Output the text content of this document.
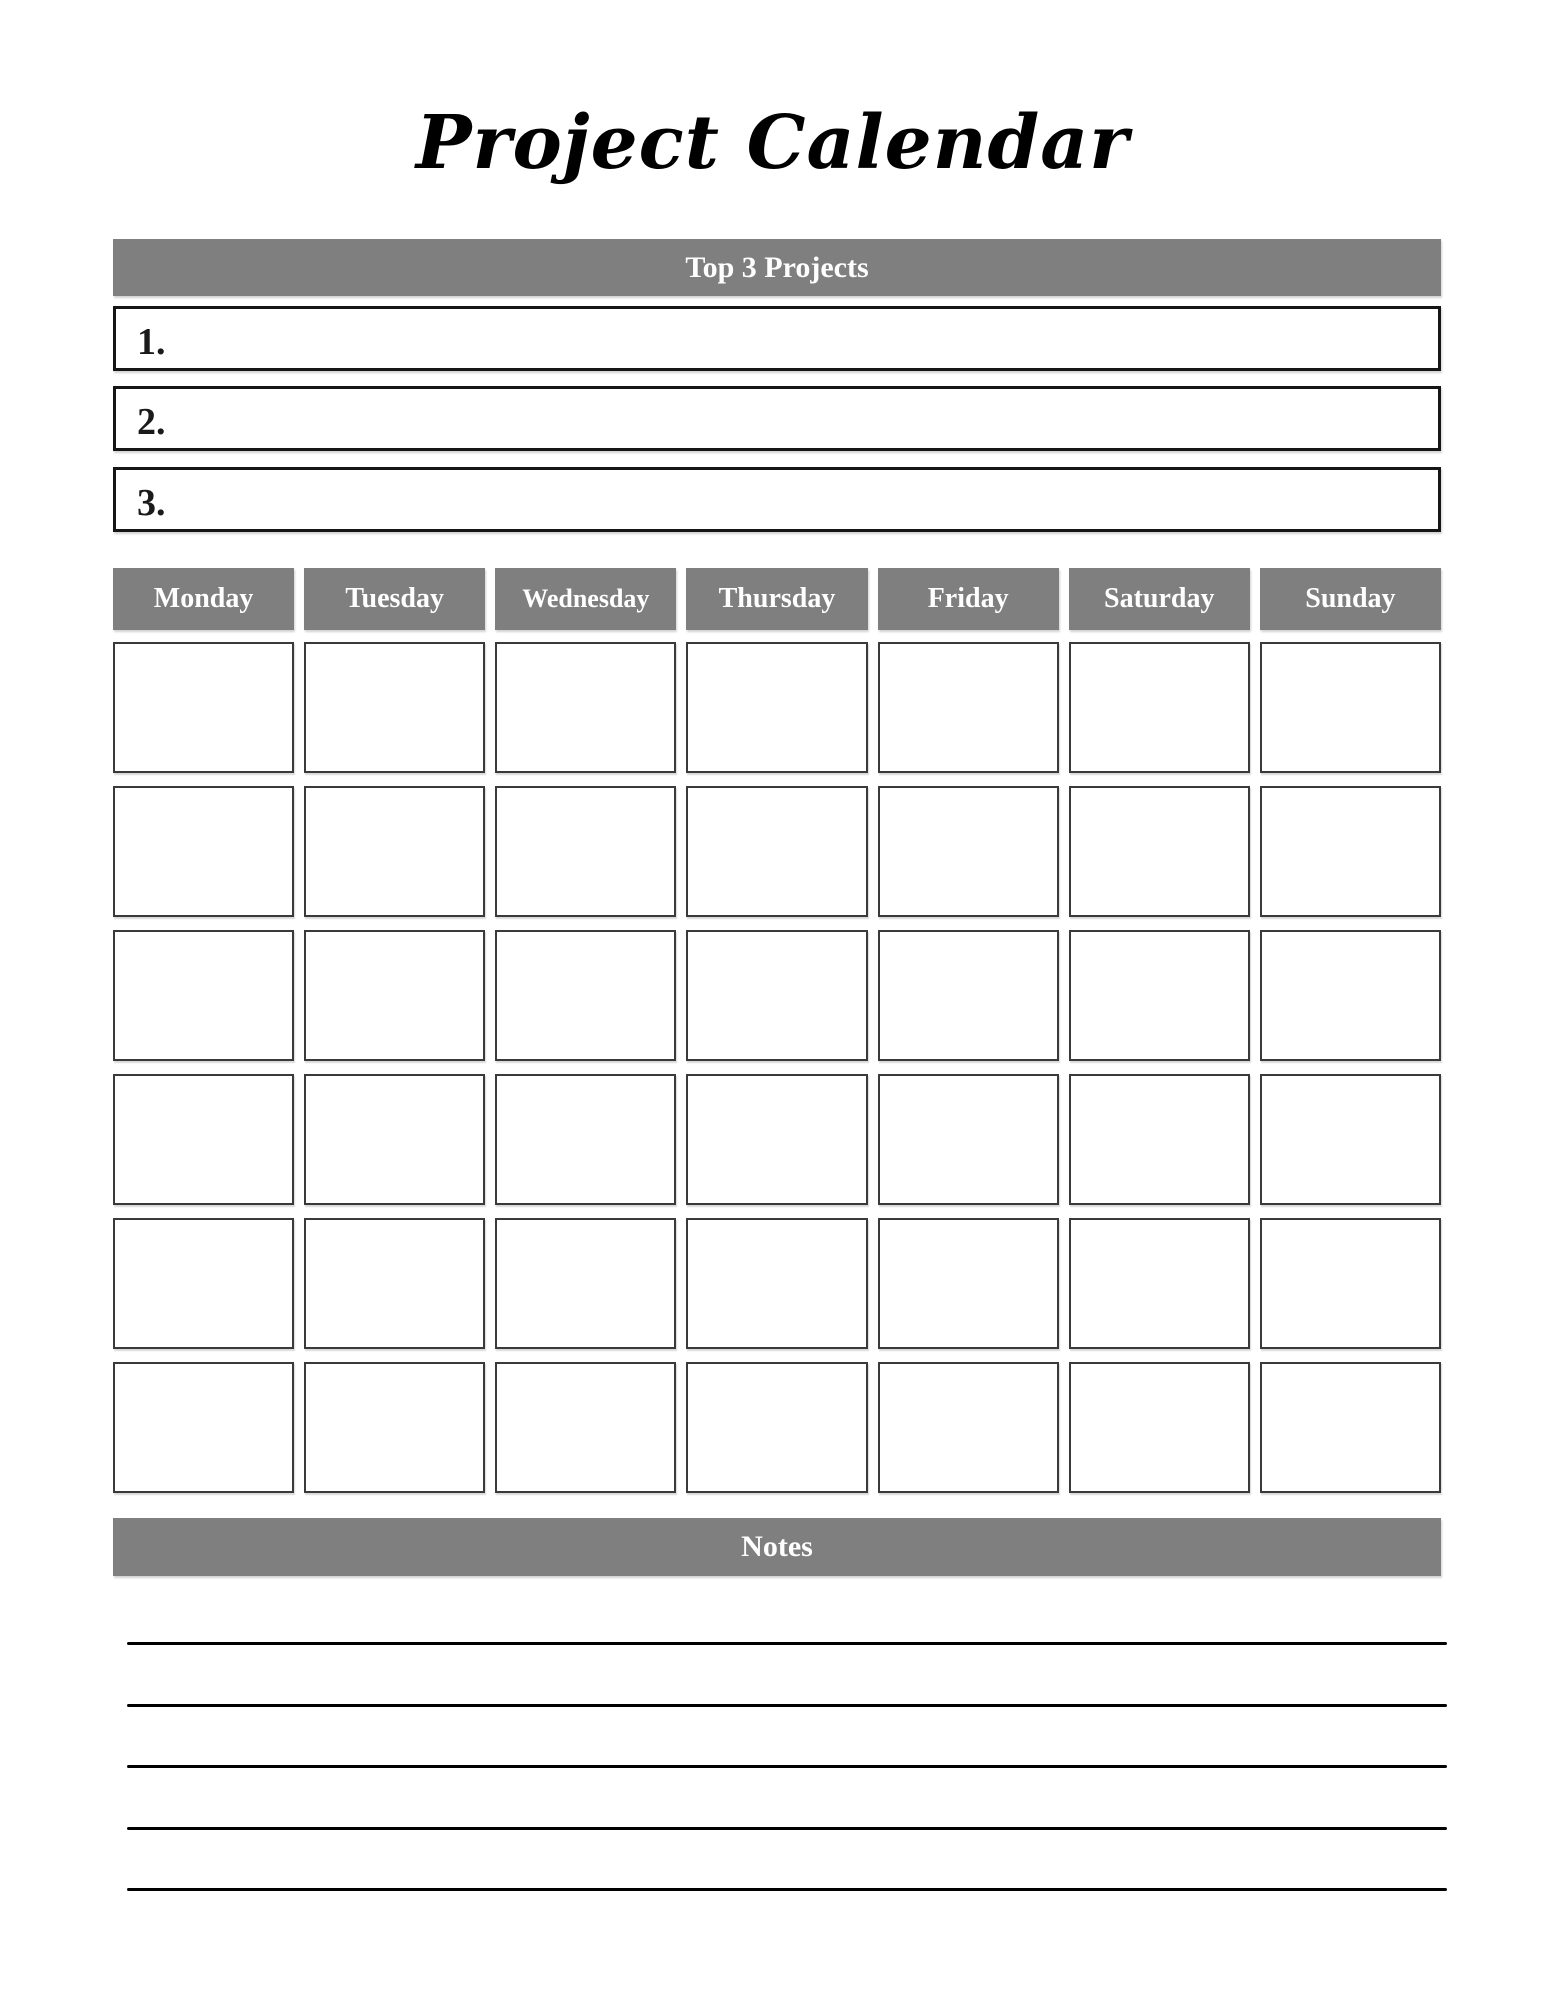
Project Calendar
Top 3 Projects
1.
2.
3.
Monday	Tuesday	Wednesday	Thursday	Friday	Saturday	Sunday
Notes
